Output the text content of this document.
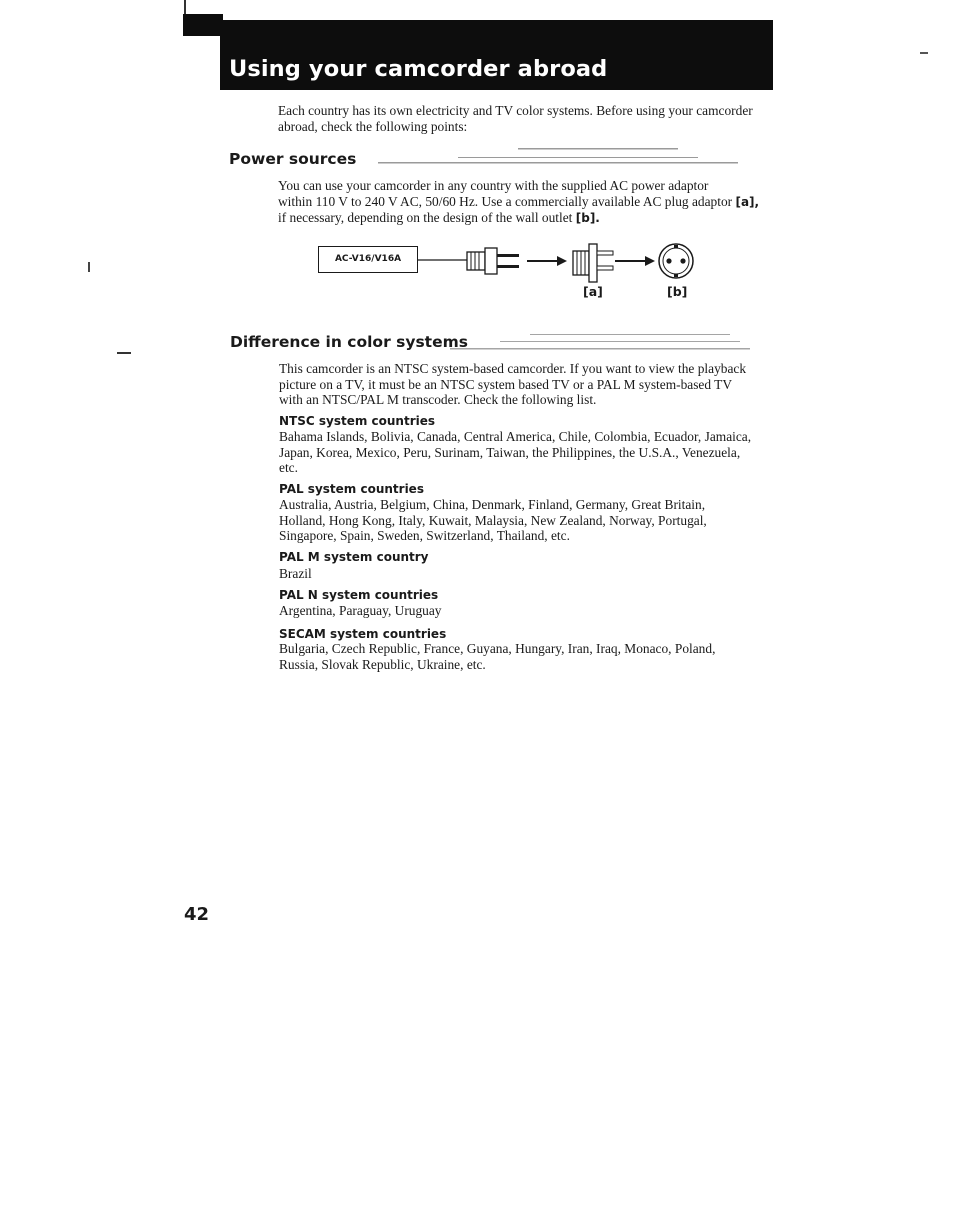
Using your camcorder abroad

Each country has its own electricity and TV color systems. Before using your camcorder abroad, check the following points:

Power sources
You can use your camcorder in any country with the supplied AC power adaptor
within 110 V to 240 V AC, 50/60 Hz. Use a commercially available AC plug adaptor [a],
if necessary, depending on the design of the wall outlet [b].
AC-V16/V16A
[a]	[b]
Difference in color systems
This camcorder is an NTSC system-based camcorder. If you want to view the playback
picture on a TV, it must be an NTSC system based TV or a PAL M system-based TV
with an NTSC/PAL M transcoder. Check the following list.
NTSC system countries
Bahama Islands, Bolivia, Canada, Central America, Chile, Colombia, Ecuador, Jamaica,
Japan, Korea, Mexico, Peru, Surinam, Taiwan, the Philippines, the U.S.A., Venezuela,
etc.
PAL system countries
Australia, Austria, Belgium, China, Denmark, Finland, Germany, Great Britain,
Holland, Hong Kong, Italy, Kuwait, Malaysia, New Zealand, Norway, Portugal,
Singapore, Spain, Sweden, Switzerland, Thailand, etc.
PAL M system country
Brazil
PAL N system countries
Argentina, Paraguay, Uruguay
SECAM system countries
Bulgaria, Czech Republic, France, Guyana, Hungary, Iran, Iraq, Monaco, Poland,
Russia, Slovak Republic, Ukraine, etc.

42
